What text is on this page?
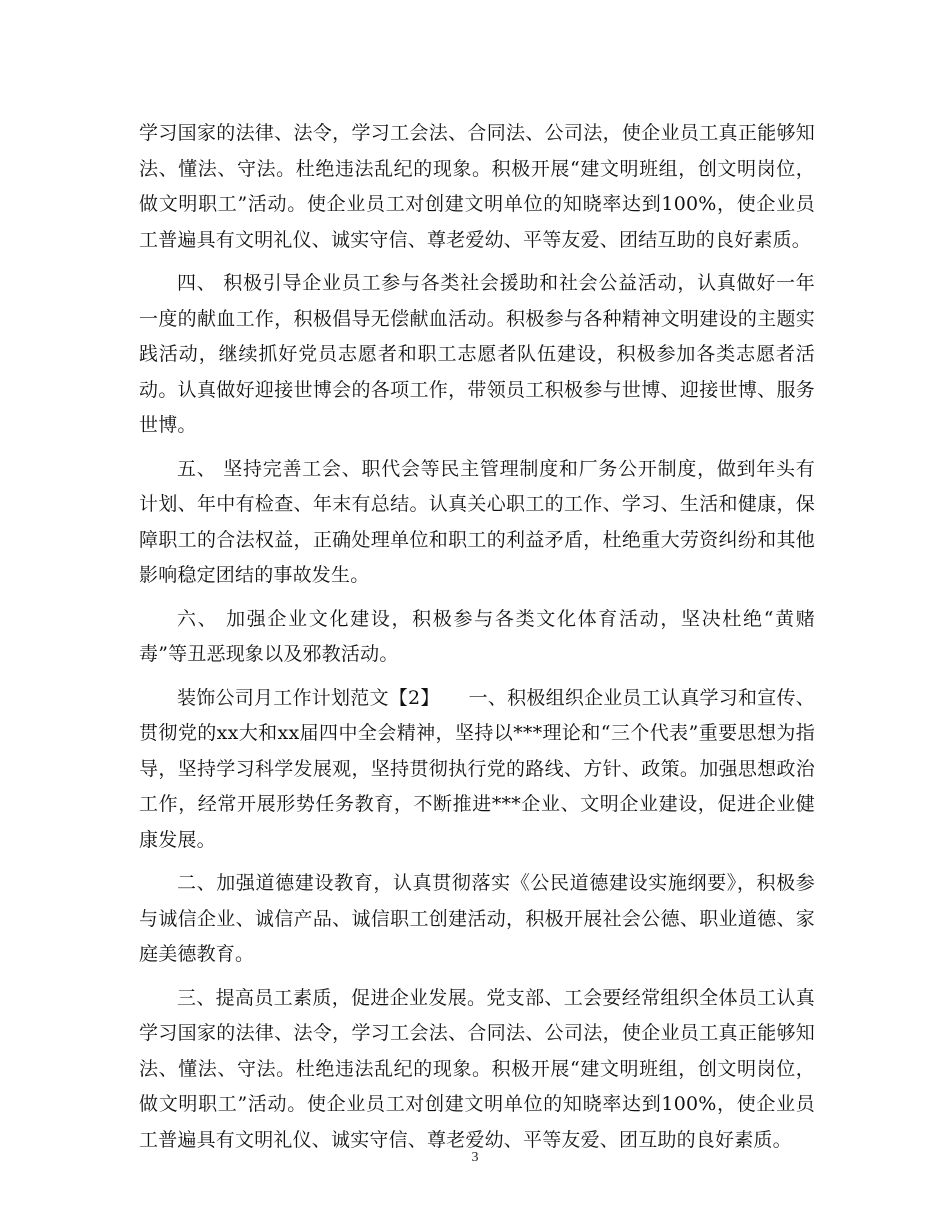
学习国家的法律、法令，学习工会法、合同法、公司法，使企业员工真正能够知法、懂法、守法。杜绝违法乱纪的现象。积极开展“建文明班组，创文明岗位，做文明职工”活动。使企业员工对创建文明单位的知晓率达到100%，使企业员工普遍具有文明礼仪、诚实守信、尊老爱幼、平等友爱、团结互助的良好素质。

四、 积极引导企业员工参与各类社会援助和社会公益活动，认真做好一年一度的献血工作，积极倡导无偿献血活动。积极参与各种精神文明建设的主题实践活动，继续抓好党员志愿者和职工志愿者队伍建设，积极参加各类志愿者活动。认真做好迎接世博会的各项工作，带领员工积极参与世博、迎接世博、服务世博。

五、 坚持完善工会、职代会等民主管理制度和厂务公开制度，做到年头有计划、年中有检查、年末有总结。认真关心职工的工作、学习、生活和健康，保障职工的合法权益，正确处理单位和职工的利益矛盾，杜绝重大劳资纠纷和其他影响稳定团结的事故发生。

六、 加强企业文化建设，积极参与各类文化体育活动，坚决杜绝“黄赌毒”等丑恶现象以及邪教活动。

装饰公司月工作计划范文【2】　　一、积极组织企业员工认真学习和宣传、贯彻党的xx大和xx届四中全会精神，坚持以***理论和“三个代表”重要思想为指导，坚持学习科学发展观，坚持贯彻执行党的路线、方针、政策。加强思想政治工作，经常开展形势任务教育，不断推进***企业、文明企业建设，促进企业健康发展。

二、加强道德建设教育，认真贯彻落实《公民道德建设实施纲要》，积极参与诚信企业、诚信产品、诚信职工创建活动，积极开展社会公德、职业道德、家庭美德教育。

三、提高员工素质，促进企业发展。党支部、工会要经常组织全体员工认真学习国家的法律、法令，学习工会法、合同法、公司法，使企业员工真正能够知法、懂法、守法。杜绝违法乱纪的现象。积极开展“建文明班组，创文明岗位，做文明职工”活动。使企业员工对创建文明单位的知晓率达到100%，使企业员工普遍具有文明礼仪、诚实守信、尊老爱幼、平等友爱、团互助的良好素质。

3
